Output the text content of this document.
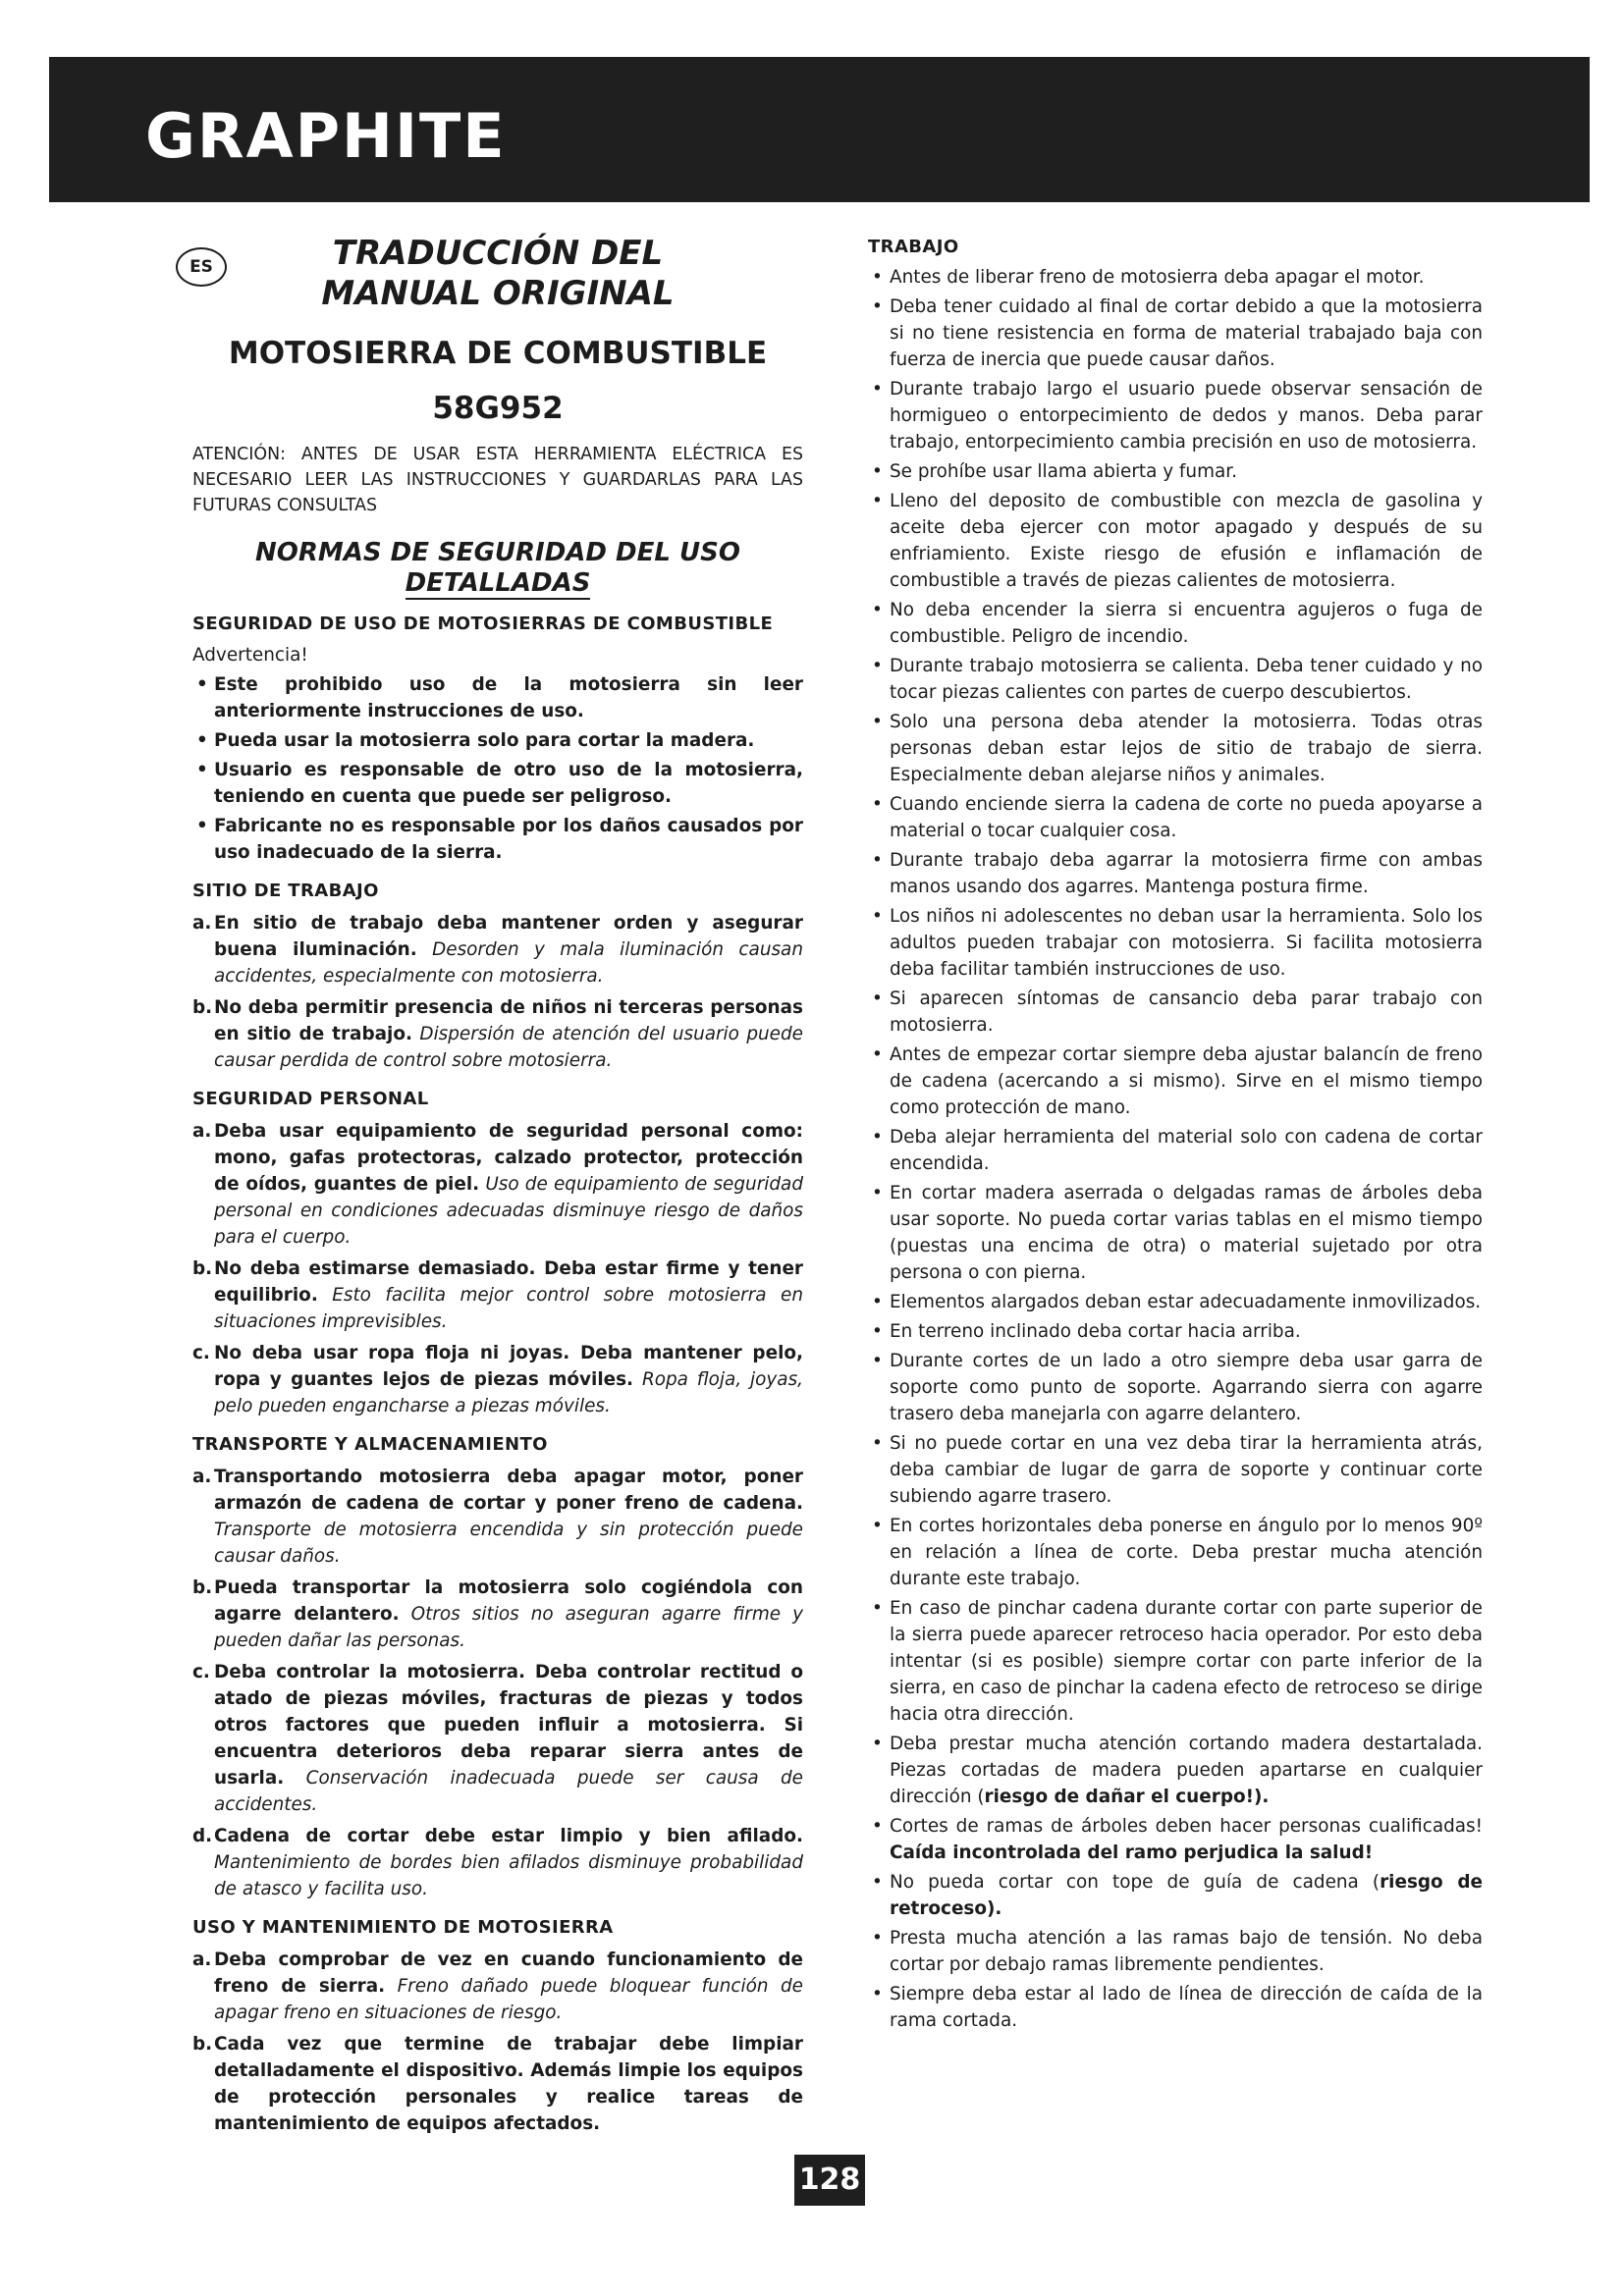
GRAPHITE
ES	TRADUCCIÓN DEL
MANUAL ORIGINAL
MOTOSIERRA DE COMBUSTIBLE
58G952
ATENCIÓN: ANTES DE USAR ESTA HERRAMIENTA ELÉCTRICA ES NECESARIO LEER LAS INSTRUCCIONES Y GUARDARLAS PARA LAS FUTURAS CONSULTAS
NORMAS DE SEGURIDAD DEL USO
DETALLADAS
SEGURIDAD DE USO DE MOTOSIERRAS DE COMBUSTIBLE
Advertencia!
• Este prohibido uso de la motosierra sin leer anteriormente instrucciones de uso.
• Pueda usar la motosierra solo para cortar la madera.
• Usuario es responsable de otro uso de la motosierra, teniendo en cuenta que puede ser peligroso.
• Fabricante no es responsable por los daños causados por uso inadecuado de la sierra.
SITIO DE TRABAJO
a. En sitio de trabajo deba mantener orden y asegurar buena iluminación. Desorden y mala iluminación causan accidentes, especialmente con motosierra.
b. No deba permitir presencia de niños ni terceras personas en sitio de trabajo. Dispersión de atención del usuario puede causar perdida de control sobre motosierra.
SEGURIDAD PERSONAL
a. Deba usar equipamiento de seguridad personal como: mono, gafas protectoras, calzado protector, protección de oídos, guantes de piel. Uso de equipamiento de seguridad personal en condiciones adecuadas disminuye riesgo de daños para el cuerpo.
b. No deba estimarse demasiado. Deba estar firme y tener equilibrio. Esto facilita mejor control sobre motosierra en situaciones imprevisibles.
c. No deba usar ropa floja ni joyas. Deba mantener pelo, ropa y guantes lejos de piezas móviles. Ropa floja, joyas, pelo pueden engancharse a piezas móviles.
TRANSPORTE Y ALMACENAMIENTO
a. Transportando motosierra deba apagar motor, poner armazón de cadena de cortar y poner freno de cadena. Transporte de motosierra encendida y sin protección puede causar daños.
b. Pueda transportar la motosierra solo cogiéndola con agarre delantero. Otros sitios no aseguran agarre firme y pueden dañar las personas.
c. Deba controlar la motosierra. Deba controlar rectitud o atado de piezas móviles, fracturas de piezas y todos otros factores que pueden influir a motosierra. Si encuentra deterioros deba reparar sierra antes de usarla. Conservación inadecuada puede ser causa de accidentes.
d. Cadena de cortar debe estar limpio y bien afilado. Mantenimiento de bordes bien afilados disminuye probabilidad de atasco y facilita uso.
USO Y MANTENIMIENTO DE MOTOSIERRA
a. Deba comprobar de vez en cuando funcionamiento de freno de sierra. Freno dañado puede bloquear función de apagar freno en situaciones de riesgo.
b. Cada vez que termine de trabajar debe limpiar detalladamente el dispositivo. Además limpie los equipos de protección personales y realice tareas de mantenimiento de equipos afectados.
TRABAJO
• Antes de liberar freno de motosierra deba apagar el motor.
• Deba tener cuidado al final de cortar debido a que la motosierra si no tiene resistencia en forma de material trabajado baja con fuerza de inercia que puede causar daños.
• Durante trabajo largo el usuario puede observar sensación de hormigueo o entorpecimiento de dedos y manos. Deba parar trabajo, entorpecimiento cambia precisión en uso de motosierra.
• Se prohíbe usar llama abierta y fumar.
• Lleno del deposito de combustible con mezcla de gasolina y aceite deba ejercer con motor apagado y después de su enfriamiento. Existe riesgo de efusión e inflamación de combustible a través de piezas calientes de motosierra.
• No deba encender la sierra si encuentra agujeros o fuga de combustible. Peligro de incendio.
• Durante trabajo motosierra se calienta. Deba tener cuidado y no tocar piezas calientes con partes de cuerpo descubiertos.
• Solo una persona deba atender la motosierra. Todas otras personas deban estar lejos de sitio de trabajo de sierra. Especialmente deban alejarse niños y animales.
• Cuando enciende sierra la cadena de corte no pueda apoyarse a material o tocar cualquier cosa.
• Durante trabajo deba agarrar la motosierra firme con ambas manos usando dos agarres. Mantenga postura firme.
• Los niños ni adolescentes no deban usar la herramienta. Solo los adultos pueden trabajar con motosierra. Si facilita motosierra deba facilitar también instrucciones de uso.
• Si aparecen síntomas de cansancio deba parar trabajo con motosierra.
• Antes de empezar cortar siempre deba ajustar balancín de freno de cadena (acercando a si mismo). Sirve en el mismo tiempo como protección de mano.
• Deba alejar herramienta del material solo con cadena de cortar encendida.
• En cortar madera aserrada o delgadas ramas de árboles deba usar soporte. No pueda cortar varias tablas en el mismo tiempo (puestas una encima de otra) o material sujetado por otra persona o con pierna.
• Elementos alargados deban estar adecuadamente inmovilizados.
• En terreno inclinado deba cortar hacia arriba.
• Durante cortes de un lado a otro siempre deba usar garra de soporte como punto de soporte. Agarrando sierra con agarre trasero deba manejarla con agarre delantero.
• Si no puede cortar en una vez deba tirar la herramienta atrás, deba cambiar de lugar de garra de soporte y continuar corte subiendo agarre trasero.
• En cortes horizontales deba ponerse en ángulo por lo menos 90º en relación a línea de corte. Deba prestar mucha atención durante este trabajo.
• En caso de pinchar cadena durante cortar con parte superior de la sierra puede aparecer retroceso hacia operador. Por esto deba intentar (si es posible) siempre cortar con parte inferior de la sierra, en caso de pinchar la cadena efecto de retroceso se dirige hacia otra dirección.
• Deba prestar mucha atención cortando madera destartalada. Piezas cortadas de madera pueden apartarse en cualquier dirección (riesgo de dañar el cuerpo!).
• Cortes de ramas de árboles deben hacer personas cualificadas! Caída incontrolada del ramo perjudica la salud!
• No pueda cortar con tope de guía de cadena (riesgo de retroceso).
• Presta mucha atención a las ramas bajo de tensión. No deba cortar por debajo ramas libremente pendientes.
• Siempre deba estar al lado de línea de dirección de caída de la rama cortada.
128
